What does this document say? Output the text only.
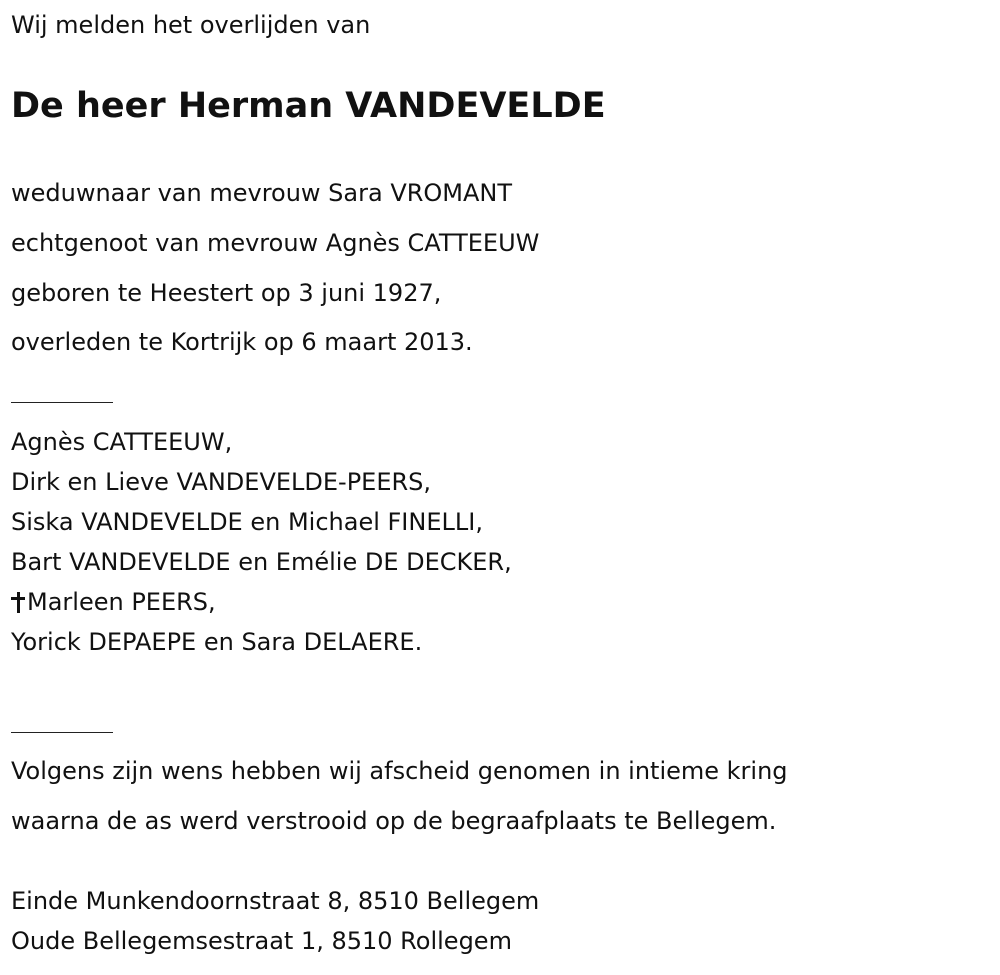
Wij melden het overlijden van
De heer Herman VANDEVELDE
weduwnaar van mevrouw Sara VROMANT
echtgenoot van mevrouw Agnès CATTEEUW
geboren te Heestert op 3 juni 1927,
overleden te Kortrijk op 6 maart 2013.
Agnès CATTEEUW,
Dirk en Lieve VANDEVELDE-PEERS,
Siska VANDEVELDE en Michael FINELLI,
Bart VANDEVELDE en Emélie DE DECKER,
Marleen PEERS,
Yorick DEPAEPE en Sara DELAERE.
Volgens zijn wens hebben wij afscheid genomen in intieme kring
waarna de as werd verstrooid op de begraafplaats te Bellegem.
Einde Munkendoornstraat 8, 8510 Bellegem
Oude Bellegemsestraat 1, 8510 Rollegem
